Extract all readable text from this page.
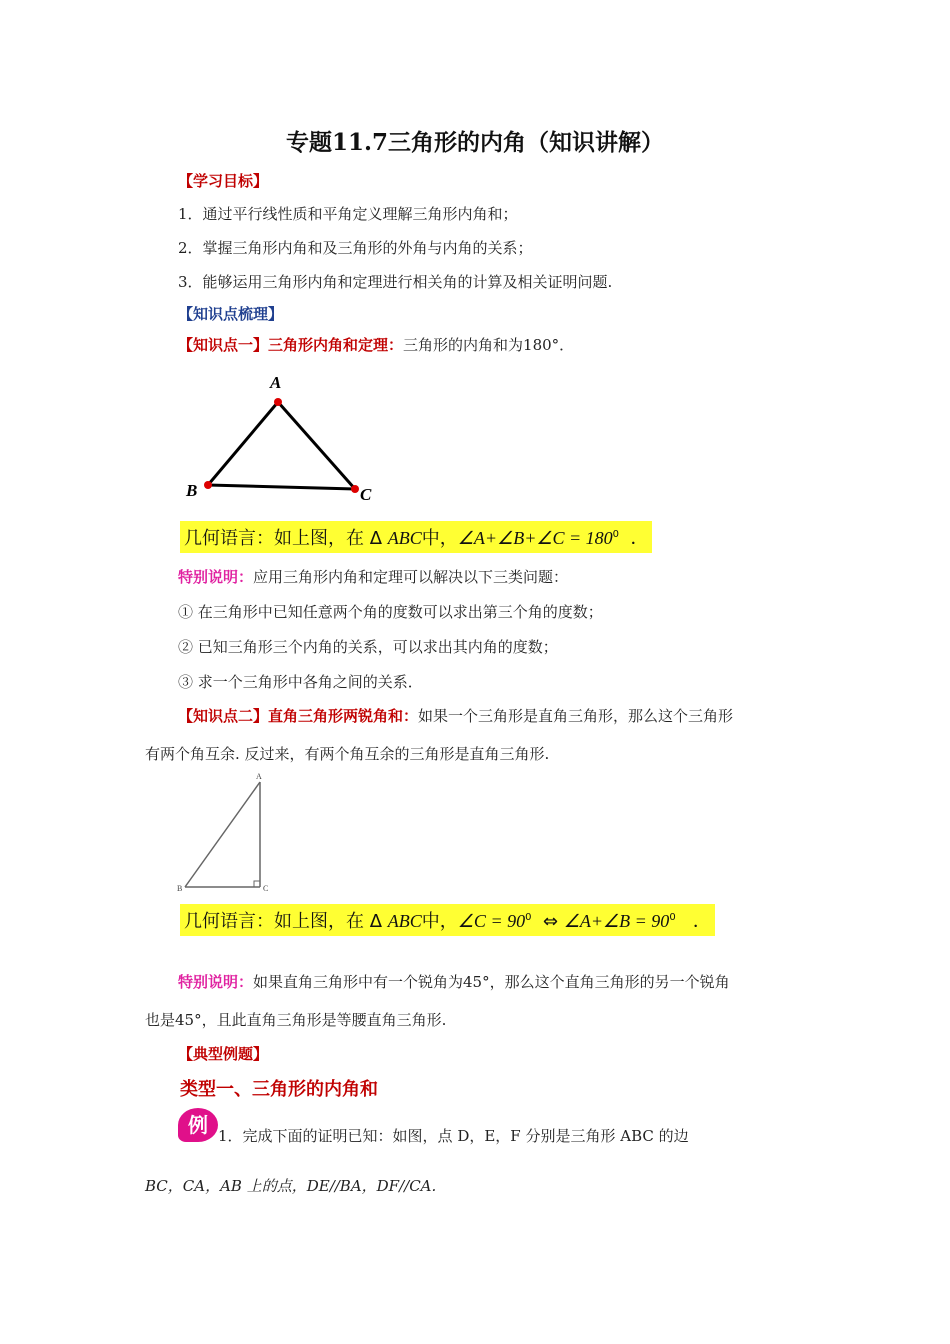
专题11.7三角形的内角（知识讲解）
【学习目标】
1．通过平行线性质和平角定义理解三角形内角和；
2．掌握三角形内角和及三角形的外角与内角的关系；
3．能够运用三角形内角和定理进行相关角的计算及相关证明问题.
【知识点梳理】
【知识点一】三角形内角和定理：三角形的内角和为180°．
A
B	C
几何语言：如上图，在 Δ ABC中，∠A+∠B+∠C = $180^0$ ．
特别说明：应用三角形内角和定理可以解决以下三类问题：
① 在三角形中已知任意两个角的度数可以求出第三个角的度数；
② 已知三角形三个内角的关系，可以求出其内角的度数；
③ 求一个三角形中各角之间的关系．
【知识点二】直角三角形两锐角和：如果一个三角形是直角三角形，那么这个三角形
有两个角互余. 反过来，有两个角互余的三角形是直角三角形.
A
B	C
几何语言：如上图，在 Δ ABC中，∠C = $90^0$ ⇔ ∠A+∠B = $90^0$ ．
特别说明：如果直角三角形中有一个锐角为45°，那么这个直角三角形的另一个锐角
也是45°，且此直角三角形是等腰直角三角形.
【典型例题】
类型一、三角形的内角和
例 1．完成下面的证明已知：如图，点 D，E，F 分别是三角形 ABC 的边
BC，CA，AB 上的点，DE//BA，DF//CA.
